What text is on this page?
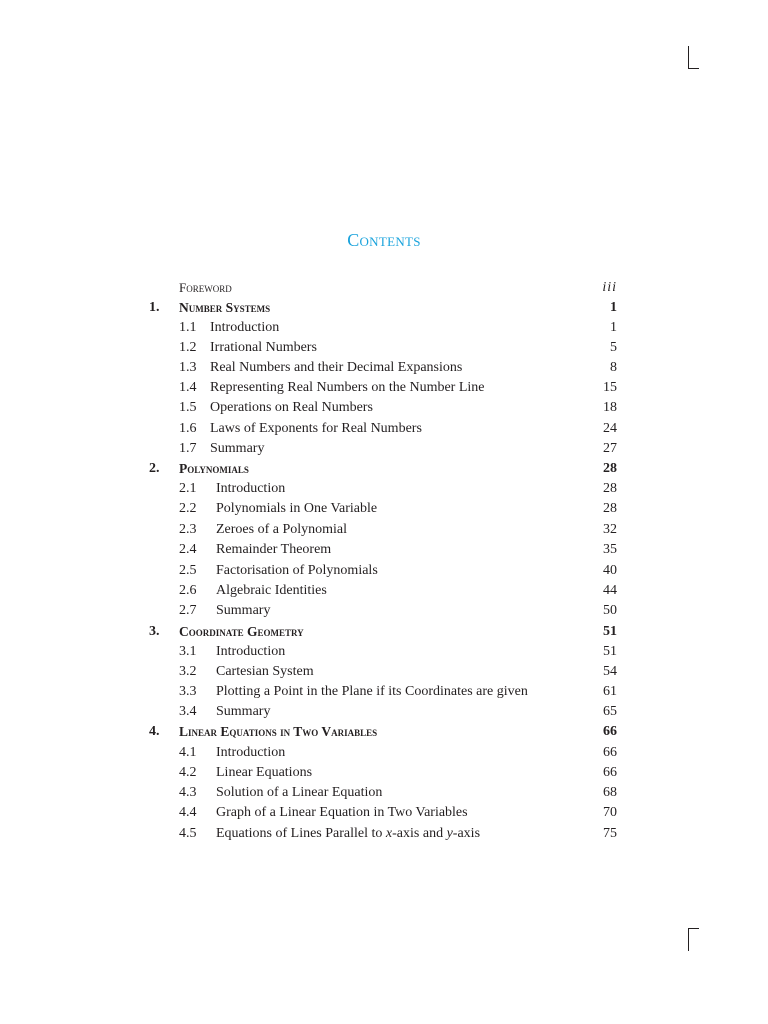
Contents
Foreword	iii
1. Number Systems	1
1.1 Introduction	1
1.2 Irrational Numbers	5
1.3 Real Numbers and their Decimal Expansions	8
1.4 Representing Real Numbers on the Number Line	15
1.5 Operations on Real Numbers	18
1.6 Laws of Exponents for Real Numbers	24
1.7 Summary	27
2. Polynomials	28
2.1 Introduction	28
2.2 Polynomials in One Variable	28
2.3 Zeroes of a Polynomial	32
2.4 Remainder Theorem	35
2.5 Factorisation of Polynomials	40
2.6 Algebraic Identities	44
2.7 Summary	50
3. Coordinate Geometry	51
3.1 Introduction	51
3.2 Cartesian System	54
3.3 Plotting a Point in the Plane if its Coordinates are given	61
3.4 Summary	65
4. Linear Equations in Two Variables	66
4.1 Introduction	66
4.2 Linear Equations	66
4.3 Solution of a Linear Equation	68
4.4 Graph of a Linear Equation in Two Variables	70
4.5 Equations of Lines Parallel to x-axis and y-axis	75
